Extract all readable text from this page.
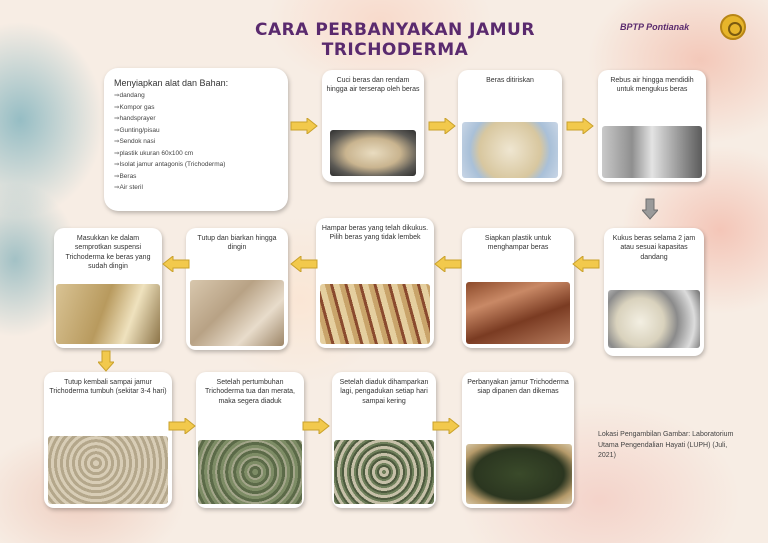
CARA PERBANYAKAN JAMUR TRICHODERMA
BPTP Pontianak
Menyiapkan alat dan Bahan:
⇒ dandang
⇒ Kompor gas
⇒ handsprayer
⇒ Gunting/pisau
⇒ Sendok nasi
⇒ plastik ukuran 60x100 cm
⇒ Isolat jamur antagonis (Trichoderma)
⇒ Beras
⇒ Air steril
Cuci beras dan rendam hingga air terserap oleh beras
Beras ditiriskan	Rebus air hingga mendidih untuk mengukus beras
Kukus beras selama 2 jam atau sesuai kapasitas dandang
Siapkan plastik untuk menghampar beras
Hampar beras yang telah dikukus. Pilih beras yang tidak lembek
Tutup dan biarkan hingga dingin
Masukkan ke dalam semprotkan suspensi Trichoderma ke beras yang sudah dingin
Tutup kembali sampai jamur Trichoderma tumbuh (sekitar 3-4 hari)
Setelah pertumbuhan Trichoderma tua dan merata, maka segera diaduk
Setelah diaduk dihamparkan lagi, pengadukan setiap hari sampai kering
Perbanyakan jamur Trichoderma siap dipanen dan dikemas
Lokasi Pengambilan Gambar: Laboratorium Utama Pengendalian Hayati (LUPH) (Juli, 2021)
